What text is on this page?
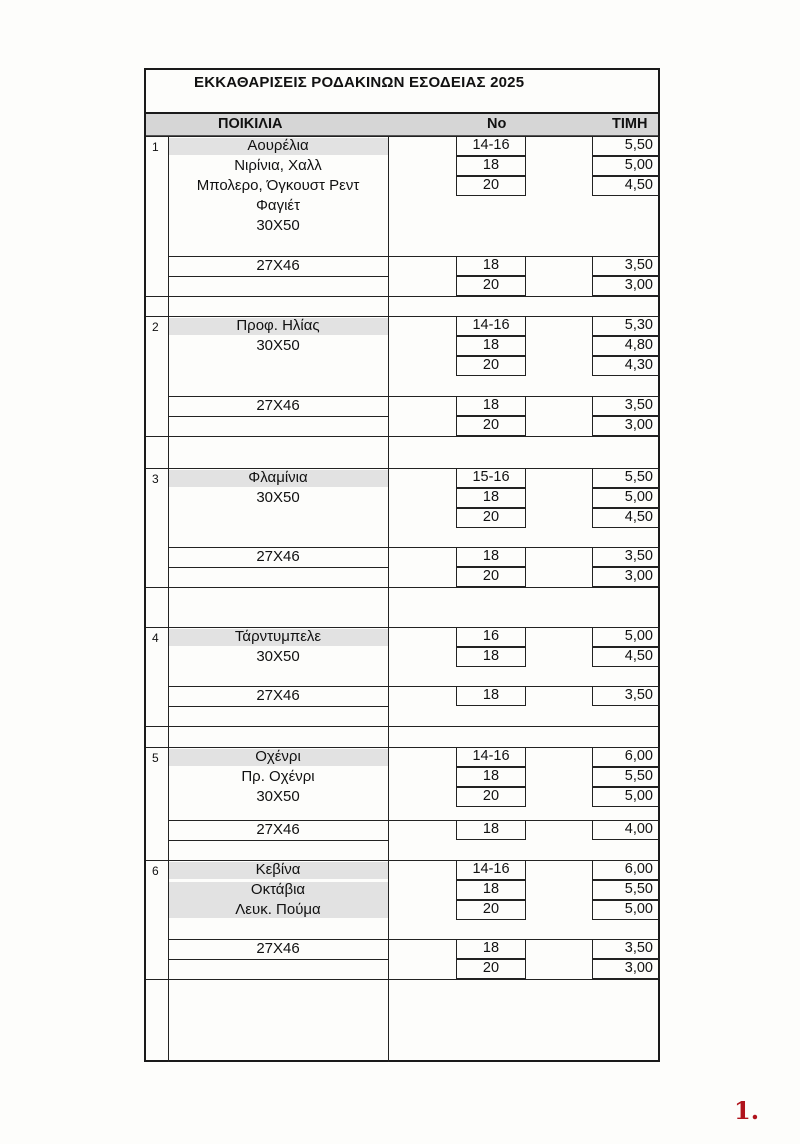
ΕΚΚΑΘΑΡΙΣΕΙΣ ΡΟΔΑΚΙΝΩΝ ΕΣΟΔΕΙΑΣ 2025
ΠΟΙΚΙΛΙΑ	Νο	ΤΙΜΗ
1	Αουρέλια
Νιρίνια, Χαλλ
Μπολερο, Όγκουστ Ρεντ
Φαγιέτ
30Χ50
14-16	5,50
18	5,00
20	4,50
27Χ46	18	3,50
20	3,00
2	Προφ. Ηλίας
30Χ50
14-16	5,30
18	4,80
20	4,30
27Χ46	18	3,50
20	3,00
3	Φλαμίνια
30Χ50
15-16	5,50
18	5,00
20	4,50
27Χ46	18	3,50
20	3,00
4	Τάρντυμπελε
30Χ50
16	5,00
18	4,50
27Χ46	18	3,50
5	Οχένρι
Πρ. Οχένρι
30Χ50
14-16	6,00
18	5,50
20	5,00
27Χ46	18	4,00
6	Κεβίνα
Οκτάβια
Λευκ. Πούμα
14-16	6,00
18	5,50
20	5,00
27Χ46	18	3,50
20	3,00
1.
